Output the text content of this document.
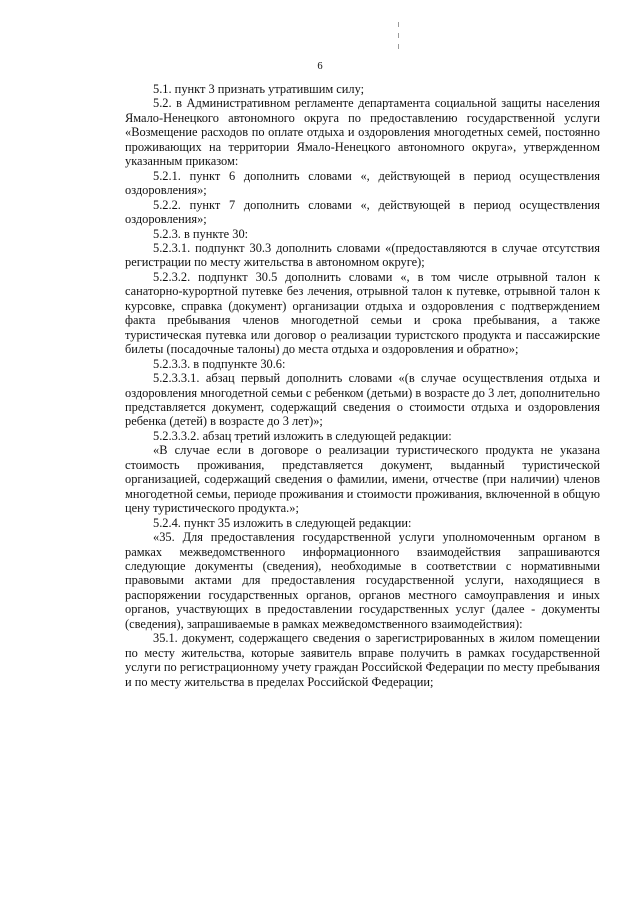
6

5.1. пункт 3 признать утратившим силу;

5.2. в Административном регламенте департамента социальной защиты населения Ямало-Ненецкого автономного округа по предоставлению государственной услуги «Возмещение расходов по оплате отдыха и оздоровления многодетных семей, постоянно проживающих на территории Ямало-Ненецкого автономного округа», утвержденном указанным приказом:

5.2.1. пункт 6 дополнить словами «, действующей в период осуществления оздоровления»;

5.2.2. пункт 7 дополнить словами «, действующей в период осуществления оздоровления»;

5.2.3. в пункте 30:

5.2.3.1. подпункт 30.3 дополнить словами «(предоставляются в случае отсутствия регистрации по месту жительства в автономном округе);

5.2.3.2. подпункт 30.5 дополнить словами «, в том числе отрывной талон к санаторно-курортной путевке без лечения, отрывной талон к путевке, отрывной талон к курсовке, справка (документ) организации отдыха и оздоровления с подтверждением факта пребывания членов многодетной семьи и срока пребывания, а также туристическая путевка или договор о реализации туристского продукта и пассажирские билеты (посадочные талоны) до места отдыха и оздоровления и обратно»;

5.2.3.3. в подпункте 30.6:

5.2.3.3.1. абзац первый дополнить словами «(в случае осуществления отдыха и оздоровления многодетной семьи с ребенком (детьми) в возрасте до 3 лет, дополнительно представляется документ, содержащий сведения о стоимости отдыха и оздоровления ребенка (детей) в возрасте до 3 лет)»;

5.2.3.3.2. абзац третий изложить в следующей редакции:

«В случае если в договоре о реализации туристического продукта не указана стоимость проживания, представляется документ, выданный туристической организацией, содержащий сведения о фамилии, имени, отчестве (при наличии) членов многодетной семьи, периоде проживания и стоимости проживания, включенной в общую цену туристического продукта.»;

5.2.4. пункт 35 изложить в следующей редакции:

«35. Для предоставления государственной услуги уполномоченным органом в рамках межведомственного информационного взаимодействия запрашиваются следующие документы (сведения), необходимые в соответствии с нормативными правовыми актами для предоставления государственной услуги, находящиеся в распоряжении государственных органов, органов местного самоуправления и иных органов, участвующих в предоставлении государственных услуг (далее - документы (сведения), запрашиваемые в рамках межведомственного взаимодействия):

35.1. документ, содержащего сведения о зарегистрированных в жилом помещении по месту жительства, которые заявитель вправе получить в рамках государственной услуги по регистрационному учету граждан Российской Федерации по месту пребывания и по месту жительства в пределах Российской Федерации;
